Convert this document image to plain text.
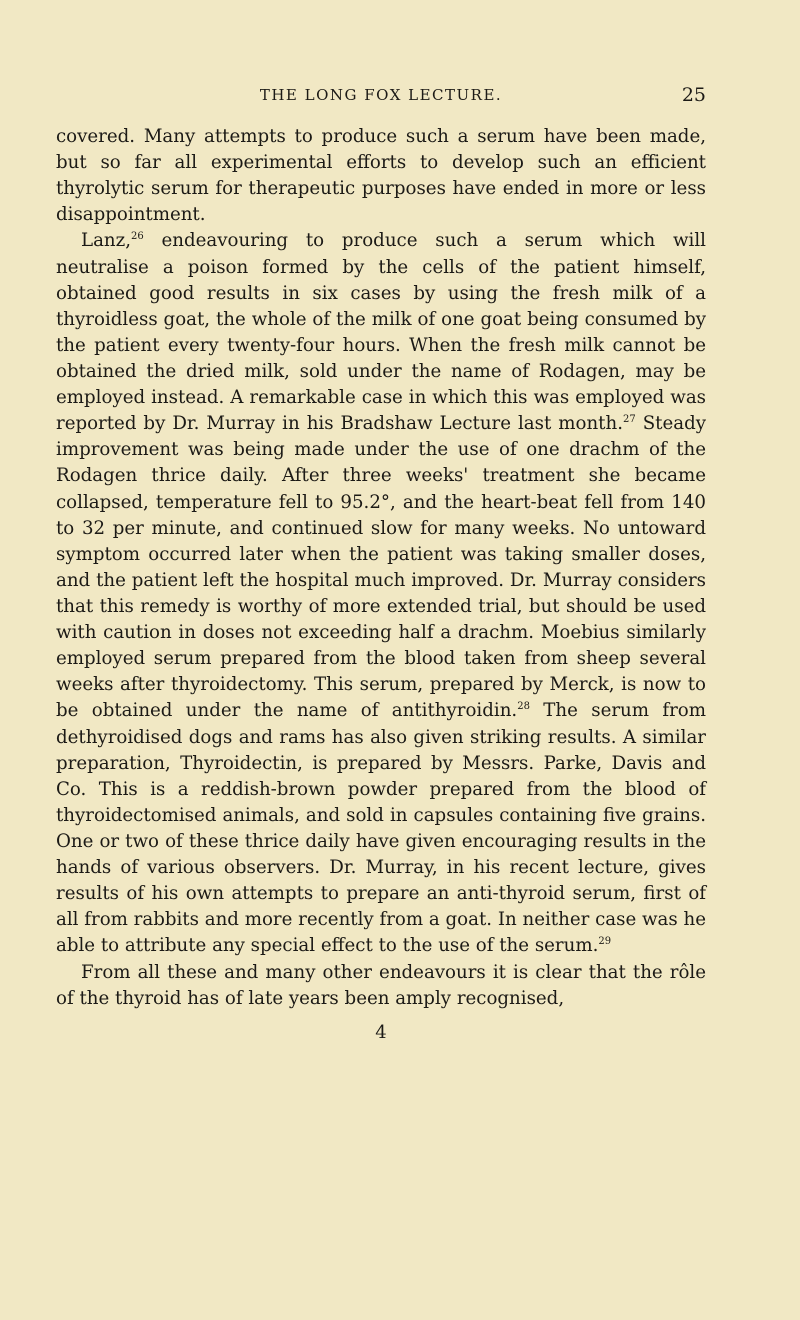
THE LONG FOX LECTURE.	25

covered. Many attempts to produce such a serum have been made, but so far all experimental efforts to develop such an efficient thyrolytic serum for therapeutic purposes have ended in more or less disappointment.

Lanz,$^{26}$ endeavouring to produce such a serum which will neutralise a poison formed by the cells of the patient himself, obtained good results in six cases by using the fresh milk of a thyroidless goat, the whole of the milk of one goat being consumed by the patient every twenty-four hours. When the fresh milk cannot be obtained the dried milk, sold under the name of Rodagen, may be employed instead. A remarkable case in which this was employed was reported by Dr. Murray in his Bradshaw Lecture last month.$^{27}$ Steady improvement was being made under the use of one drachm of the Rodagen thrice daily. After three weeks' treatment she became collapsed, temperature fell to 95.2°, and the heart-beat fell from 140 to 32 per minute, and continued slow for many weeks. No untoward symptom occurred later when the patient was taking smaller doses, and the patient left the hospital much improved. Dr. Murray considers that this remedy is worthy of more extended trial, but should be used with caution in doses not exceeding half a drachm. Moebius similarly employed serum prepared from the blood taken from sheep several weeks after thyroidectomy. This serum, prepared by Merck, is now to be obtained under the name of antithyroidin.$^{28}$ The serum from dethyroidised dogs and rams has also given striking results. A similar preparation, Thyroidectin, is prepared by Messrs. Parke, Davis and Co. This is a reddish-brown powder prepared from the blood of thyroidectomised animals, and sold in capsules containing five grains. One or two of these thrice daily have given encouraging results in the hands of various observers. Dr. Murray, in his recent lecture, gives results of his own attempts to prepare an anti-thyroid serum, first of all from rabbits and more recently from a goat. In neither case was he able to attribute any special effect to the use of the serum.$^{29}$

From all these and many other endeavours it is clear that the rôle of the thyroid has of late years been amply recognised,

4
